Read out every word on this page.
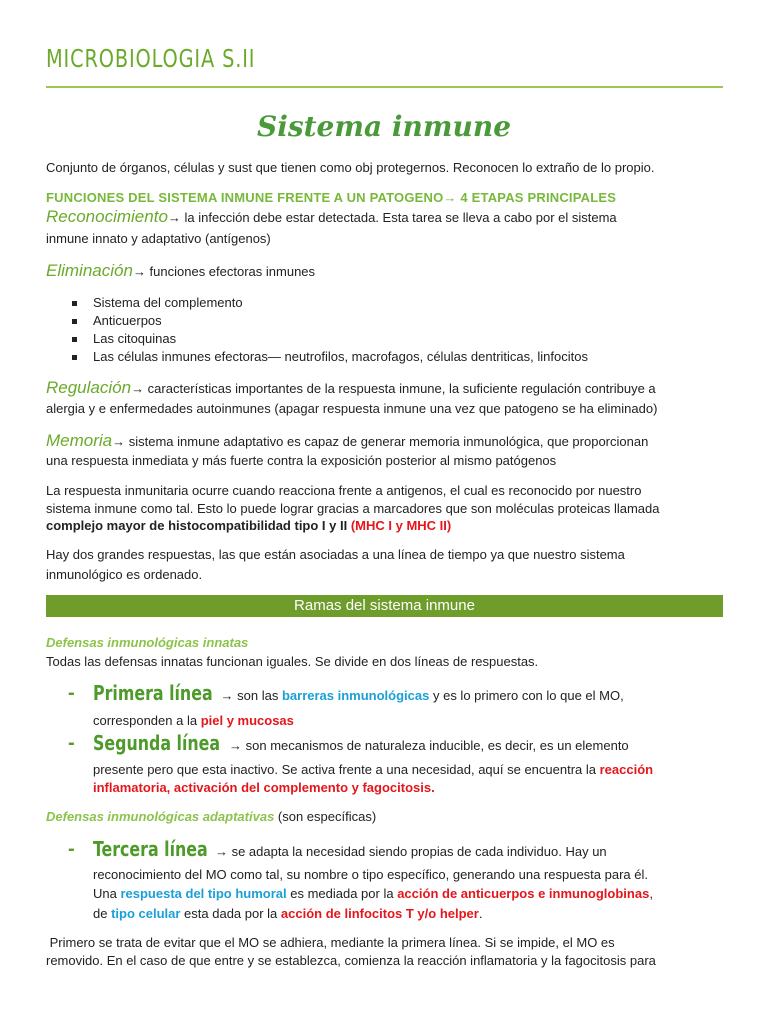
MICROBIOLOGIA S.II
Sistema inmune
Conjunto de órganos, células y sust que tienen como obj protegernos. Reconocen lo extraño de lo propio.
FUNCIONES DEL SISTEMA INMUNE FRENTE A UN PATOGENO→ 4 ETAPAS PRINCIPALES
Reconocimiento→ la infección debe estar detectada. Esta tarea se lleva a cabo por el sistema
inmune innato y adaptativo (antígenos)
Eliminación→ funciones efectoras inmunes
Sistema del complemento
Anticuerpos
Las citoquinas
Las células inmunes efectoras— neutrofilos, macrofagos, células dentriticas, linfocitos
Regulación→ características importantes de la respuesta inmune, la suficiente regulación contribuye a
alergia y e enfermedades autoinmunes (apagar respuesta inmune una vez que patogeno se ha eliminado)
Memoria→ sistema inmune adaptativo es capaz de generar memoria inmunológica, que proporcionan
una respuesta inmediata y más fuerte contra la exposición posterior al mismo patógenos
La respuesta inmunitaria ocurre cuando reacciona frente a antigenos, el cual es reconocido por nuestro
sistema inmune como tal. Esto lo puede lograr gracias a marcadores que son moléculas proteicas llamada
complejo mayor de histocompatibilidad tipo I y II (MHC I y MHC II)
Hay dos grandes respuestas, las que están asociadas a una línea de tiempo ya que nuestro sistema
inmunológico es ordenado.
Ramas del sistema inmune
Defensas inmunológicas innatas
Todas las defensas innatas funcionan iguales. Se divide en dos líneas de respuestas.
- Primera línea → son las barreras inmunológicas y es lo primero con lo que el MO,
corresponden a la piel y mucosas
- Segunda línea → son mecanismos de naturaleza inducible, es decir, es un elemento
presente pero que esta inactivo. Se activa frente a una necesidad, aquí se encuentra la reacción
inflamatoria, activación del complemento y fagocitosis.
Defensas inmunológicas adaptativas (son específicas)
- Tercera línea → se adapta la necesidad siendo propias de cada individuo. Hay un
reconocimiento del MO como tal, su nombre o tipo específico, generando una respuesta para él.
Una respuesta del tipo humoral es mediada por la acción de anticuerpos e inmunoglobinas,
de tipo celular esta dada por la acción de linfocitos T y/o helper.
Primero se trata de evitar que el MO se adhiera, mediante la primera línea. Si se impide, el MO es
removido. En el caso de que entre y se establezca, comienza la reacción inflamatoria y la fagocitosis para
